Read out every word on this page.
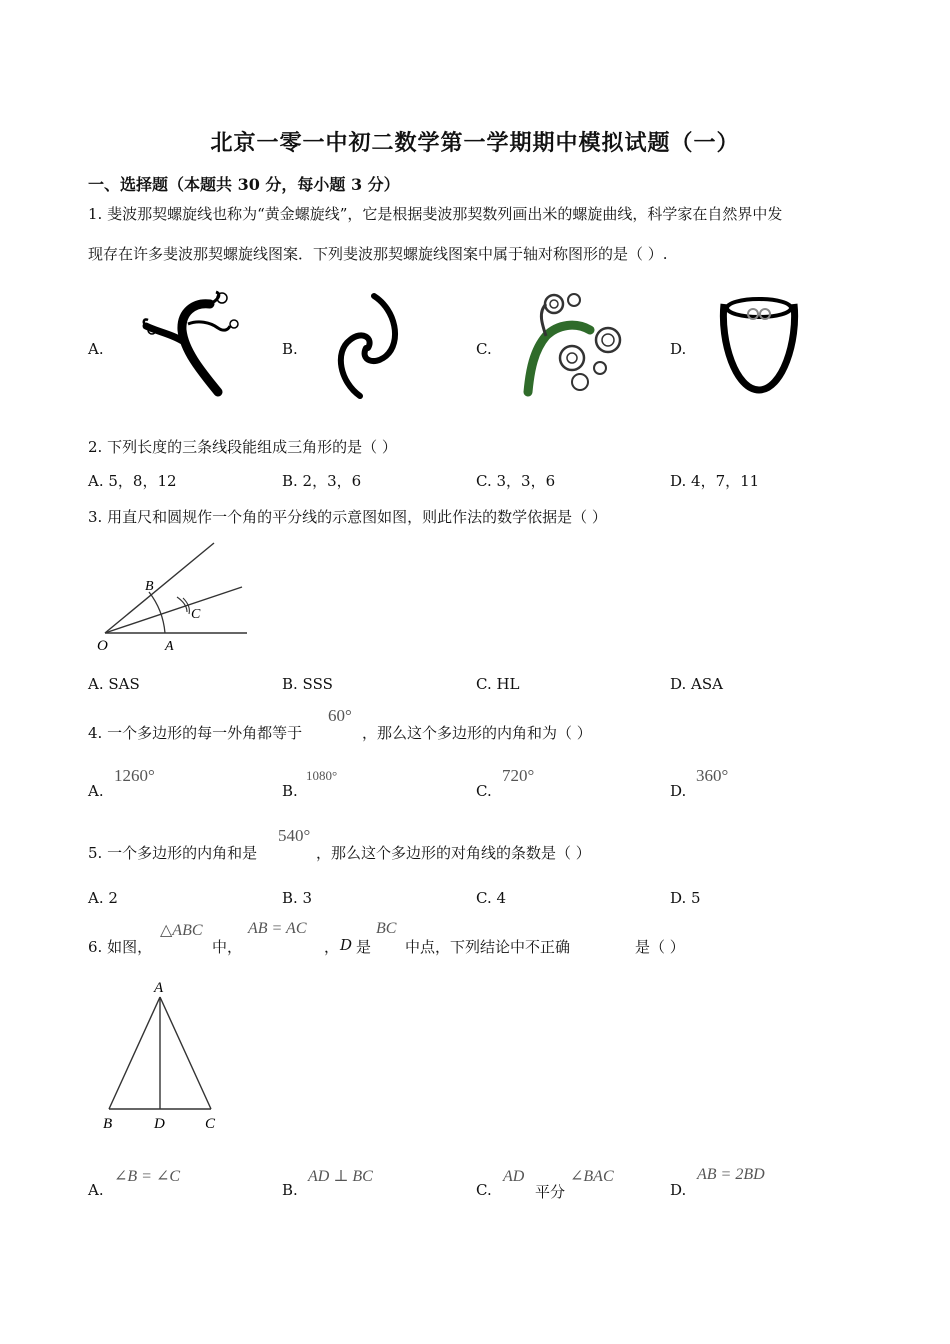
北京一零一中初二数学第一学期期中模拟试题（一）
一、选择题（本题共 30 分，每小题 3 分）
1. 斐波那契螺旋线也称为“黄金螺旋线”，它是根据斐波那契数列画出米的螺旋曲线，科学家在自然界中发
现存在许多斐波那契螺旋线图案．下列斐波那契螺旋线图案中属于轴对称图形的是（ ）.
A.	B.	C.	D.
2. 下列长度的三条线段能组成三角形的是（ ）
A. 5，8，12	B. 2，3，6	C. 3，3，6	D. 4，7，11
3. 用直尺和圆规作一个角的平分线的示意图如图，则此作法的数学依据是（ ）
O	A
B
C
A. SAS	B. SSS	C. HL	D. ASA
4. 一个多边形的每一外角都等于
60°
，那么这个多边形的内角和为（ ）
A.
1260°
B.
1080°
C.
720°
D.
360°
5. 一个多边形的内角和是
540°
，那么这个多边形的对角线的条数是（ ）
A. 2	B. 3	C. 4	D. 5
6. 如图，
△ABC
中，
AB = AC
， D 是
BC
中点，下列结论中不正确	是（ ）
A
B	D	C
A.
∠B = ∠C
B.
AD ⊥ BC
C.
AD
平分
∠BAC
D.
AB = 2BD
